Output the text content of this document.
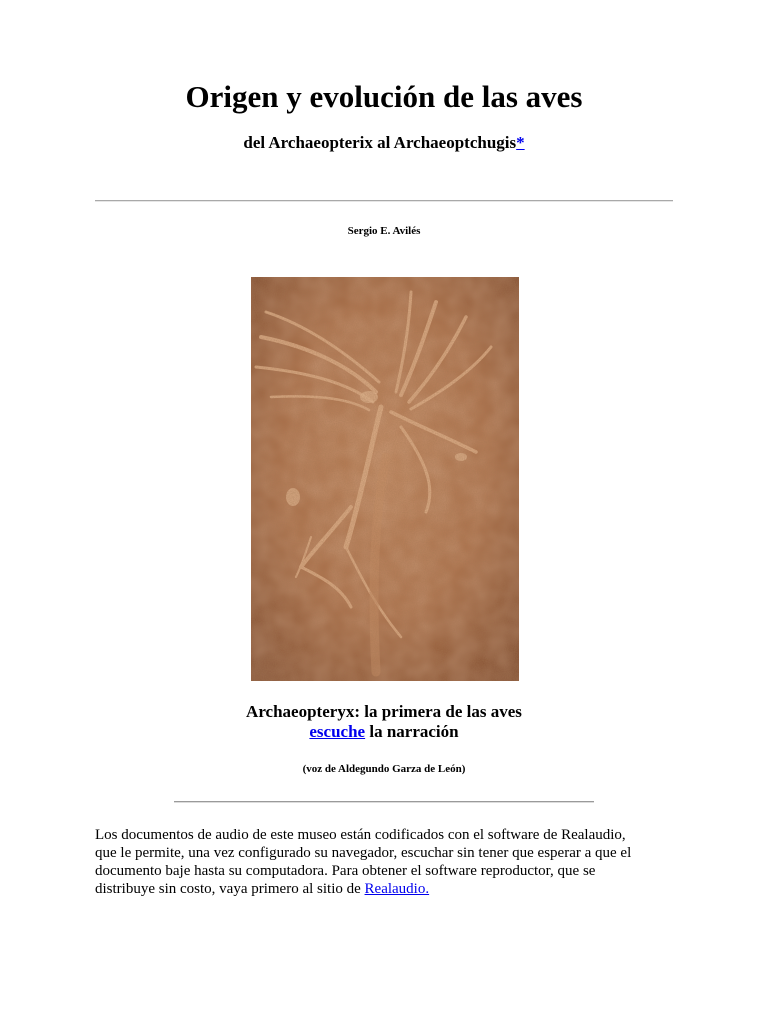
Origen y evolución de las aves
del Archaeopterix al Archaeoptchugis*
Sergio E. Avilés
Archaeopteryx: la primera de las aves
escuche la narración
(voz de Aldegundo Garza de León)
Los documentos de audio de este museo están codificados con el software de Realaudio,
que le permite, una vez configurado su navegador, escuchar sin tener que esperar a que el
documento baje hasta su computadora. Para obtener el software reproductor, que se
distribuye sin costo, vaya primero al sitio de Realaudio.
